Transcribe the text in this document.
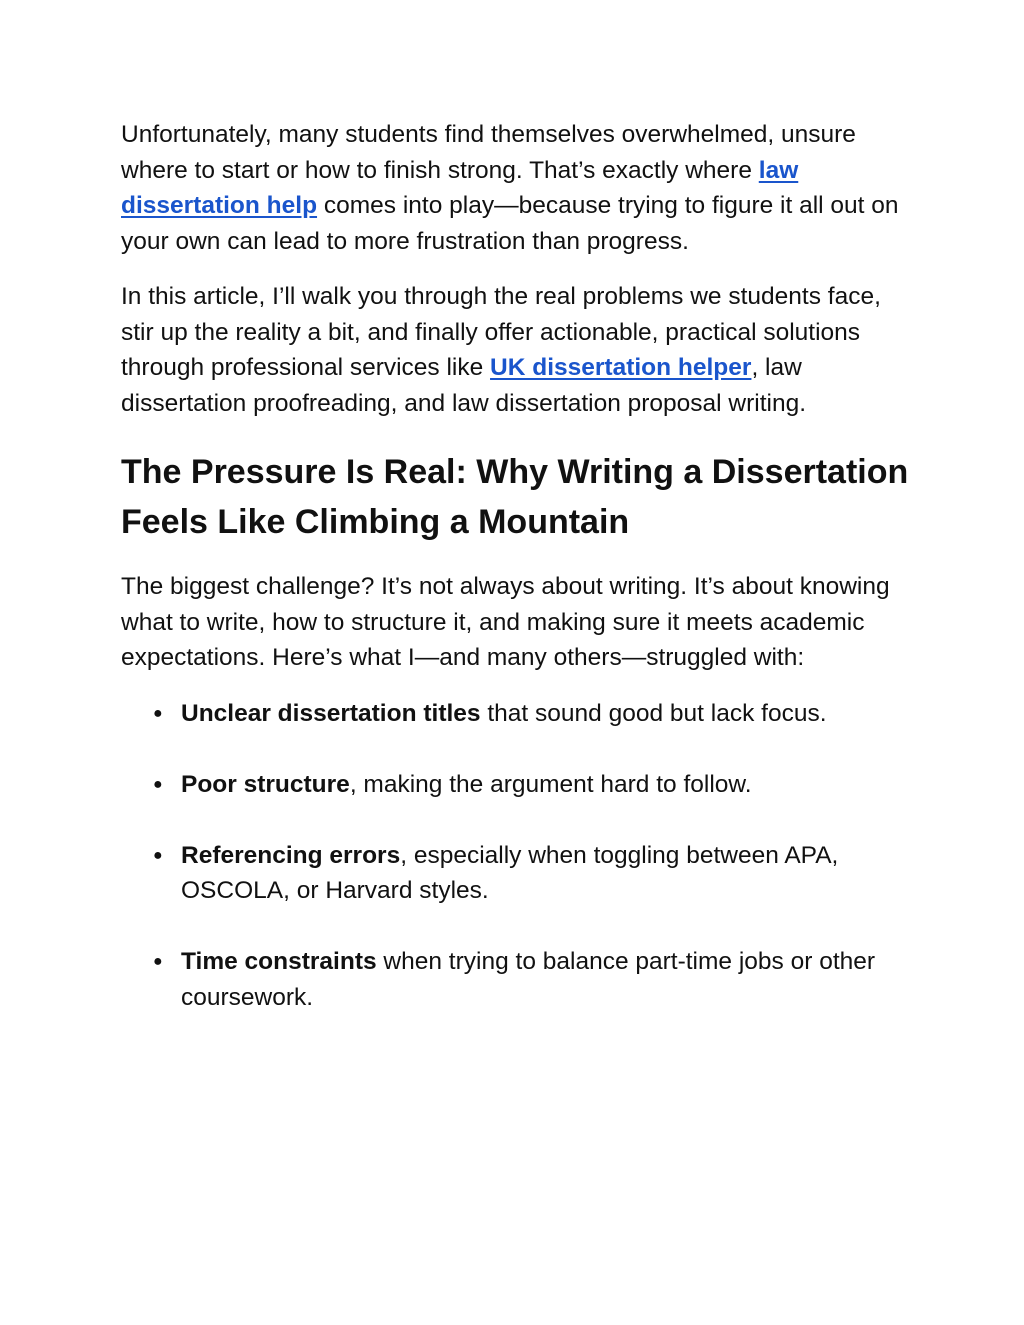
Unfortunately, many students find themselves overwhelmed, unsure where to start or how to finish strong. That’s exactly where law dissertation help comes into play—because trying to figure it all out on your own can lead to more frustration than progress.

In this article, I’ll walk you through the real problems we students face, stir up the reality a bit, and finally offer actionable, practical solutions through professional services like UK dissertation helper, law dissertation proofreading, and law dissertation proposal writing.

The Pressure Is Real: Why Writing a Dissertation Feels Like Climbing a Mountain

The biggest challenge? It’s not always about writing. It’s about knowing what to write, how to structure it, and making sure it meets academic expectations. Here’s what I—and many others—struggled with:

● Unclear dissertation titles that sound good but lack focus.
● Poor structure, making the argument hard to follow.
● Referencing errors, especially when toggling between APA, OSCOLA, or Harvard styles.
● Time constraints when trying to balance part-time jobs or other coursework.
